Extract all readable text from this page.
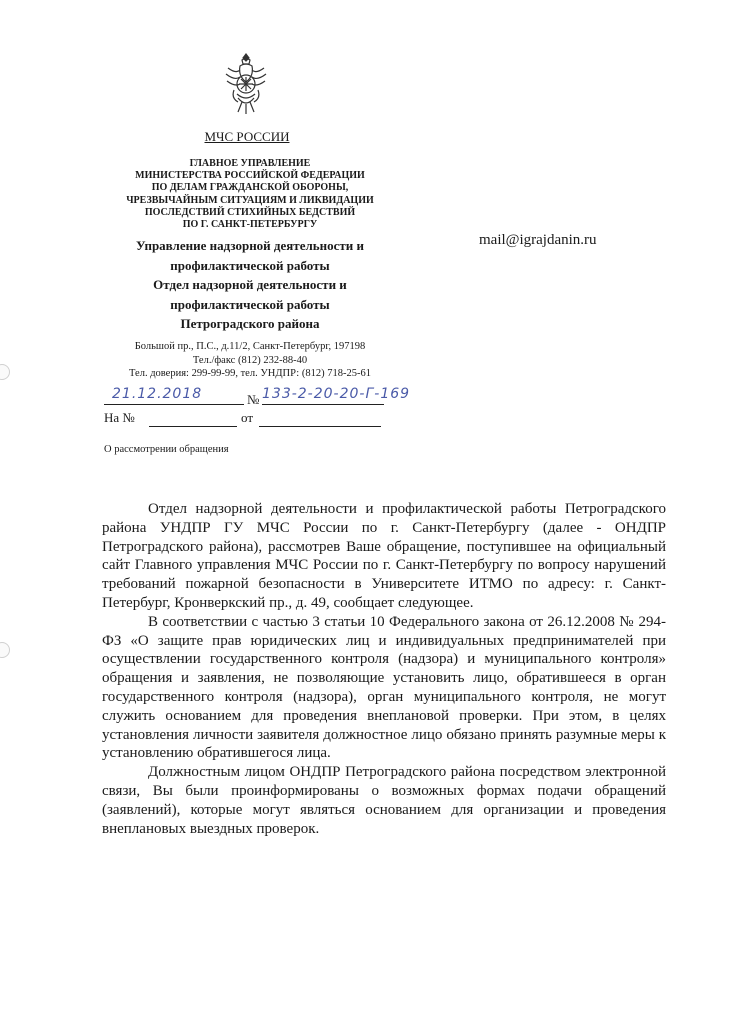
МЧС РОССИИ
ГЛАВНОЕ УПРАВЛЕНИЕ
МИНИСТЕРСТВА РОССИЙСКОЙ ФЕДЕРАЦИИ
ПО ДЕЛАМ ГРАЖДАНСКОЙ ОБОРОНЫ,
ЧРЕЗВЫЧАЙНЫМ СИТУАЦИЯМ И ЛИКВИДАЦИИ
ПОСЛЕДСТВИЙ СТИХИЙНЫХ БЕДСТВИЙ
ПО Г. САНКТ-ПЕТЕРБУРГУ
Управление надзорной деятельности и
профилактической работы
Отдел надзорной деятельности и
профилактической работы
Петроградского района
mail@igrajdanin.ru
Большой пр., П.С., д.11/2, Санкт-Петербург, 197198
Тел./факс (812) 232-88-40
Тел. доверия: 299-99-99, тел. УНДПР: (812) 718-25-61
21.12.2018	№ 133-2-20-20-Г-169
На №	от
О рассмотрении обращения

Отдел надзорной деятельности и профилактической работы Петроградского района УНДПР ГУ МЧС России по г. Санкт-Петербургу (далее - ОНДПР Петроградского района), рассмотрев Ваше обращение, поступившее на официальный сайт Главного управления МЧС России по г. Санкт-Петербургу по вопросу нарушений требований пожарной безопасности в Университете ИТМО по адресу: г. Санкт-Петербург, Кронверкский пр., д. 49, сообщает следующее.

В соответствии с частью 3 статьи 10 Федерального закона от 26.12.2008 № 294-ФЗ «О защите прав юридических лиц и индивидуальных предпринимателей при осуществлении государственного контроля (надзора) и муниципального контроля» обращения и заявления, не позволяющие установить лицо, обратившееся в орган государственного контроля (надзора), орган муниципального контроля, не могут служить основанием для проведения внеплановой проверки. При этом, в целях установления личности заявителя должностное лицо обязано принять разумные меры к установлению обратившегося лица.

Должностным лицом ОНДПР Петроградского района посредством электронной связи, Вы были проинформированы о возможных формах подачи обращений (заявлений), которые могут являться основанием для организации и проведения внеплановых выездных проверок.
